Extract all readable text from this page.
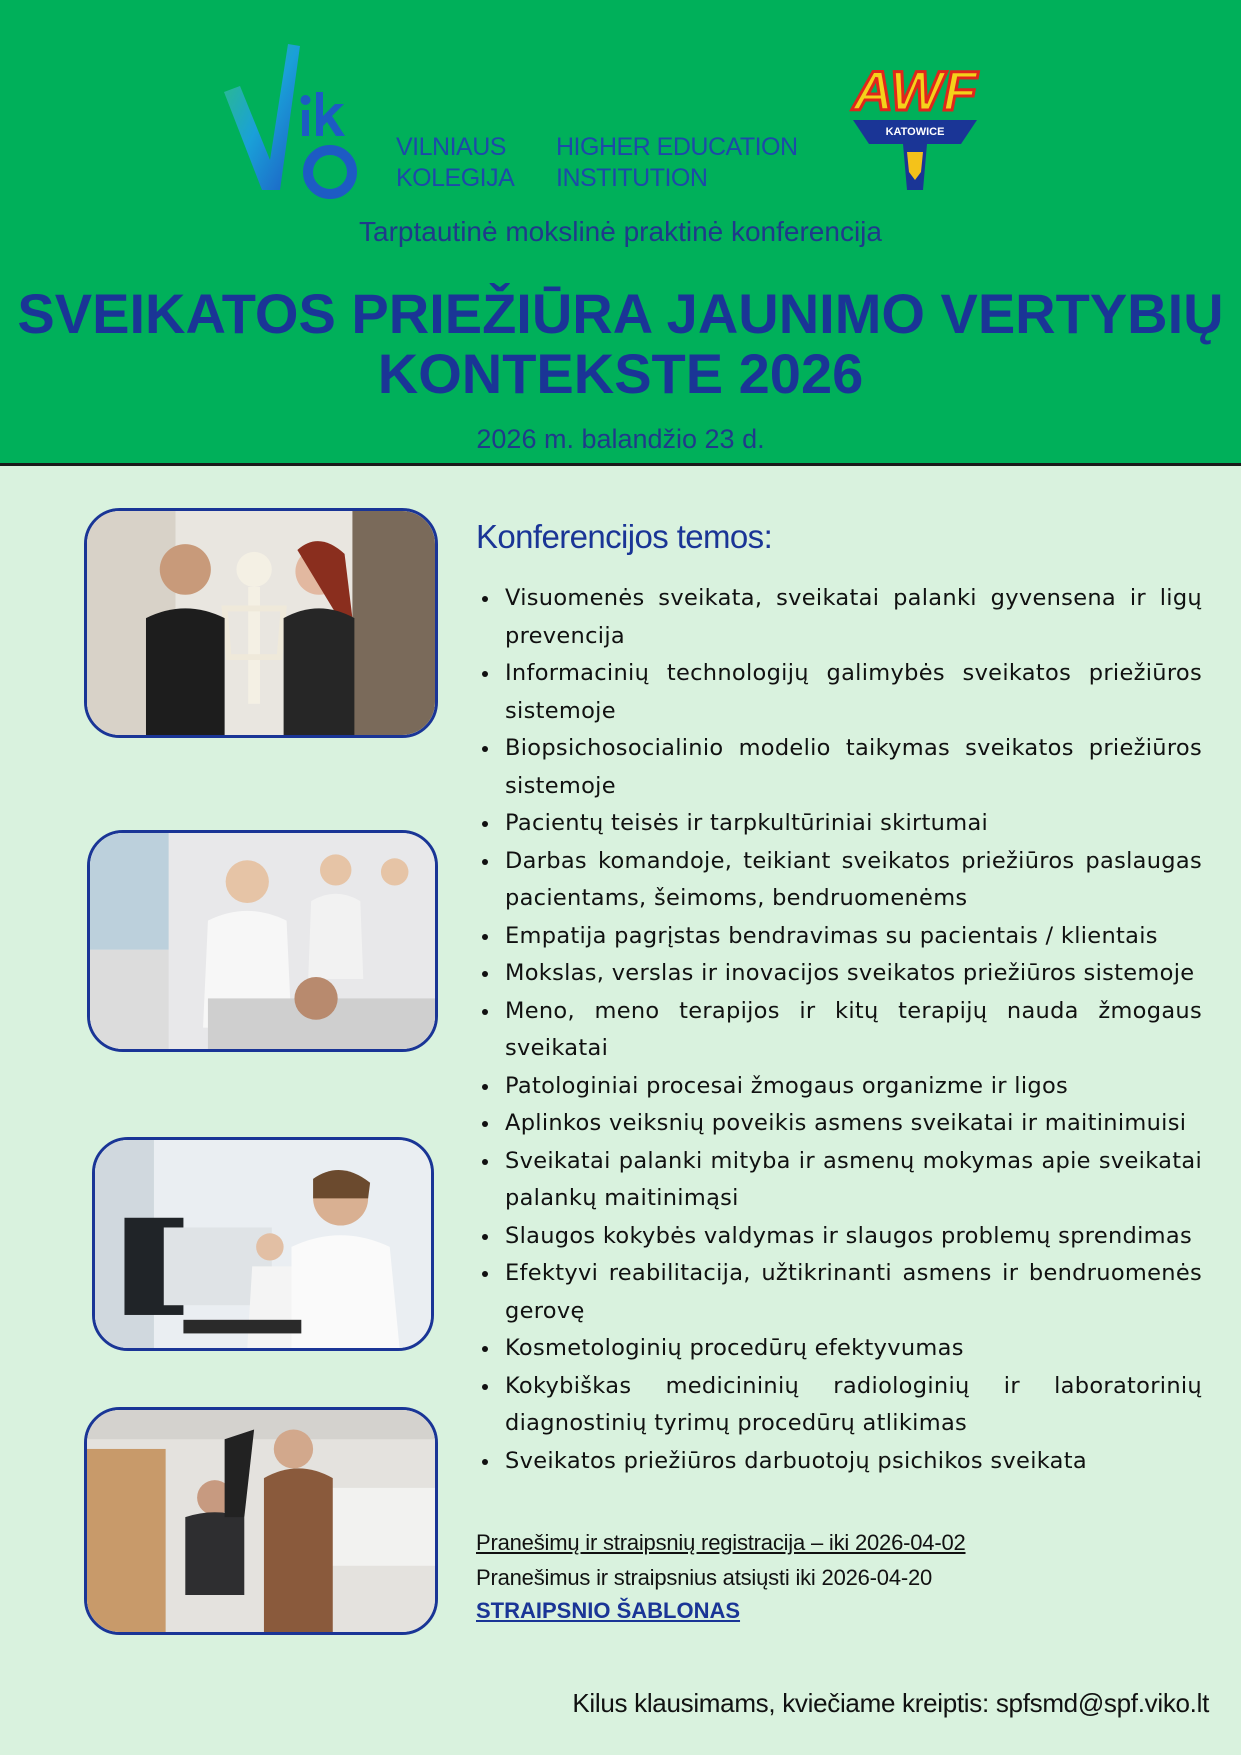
VILNIAUS
KOLEGIJA
HIGHER EDUCATION
INSTITUTION
KATOWICE
AWF
Tarptautinė mokslinė praktinė konferencija
SVEIKATOS PRIEŽIŪRA JAUNIMO VERTYBIŲ
KONTEKSTE 2026
2026 m. balandžio 23 d.
Konferencijos temos:
Visuomenės sveikata, sveikatai palanki gyvensena ir ligų prevencija
Informacinių technologijų galimybės sveikatos priežiūros sistemoje
Biopsichosocialinio modelio taikymas sveikatos priežiūros sistemoje
Pacientų teisės ir tarpkultūriniai skirtumai
Darbas komandoje, teikiant sveikatos priežiūros paslaugas pacientams, šeimoms, bendruomenėms
Empatija pagrįstas bendravimas su pacientais / klientais
Mokslas, verslas ir inovacijos sveikatos priežiūros sistemoje
Meno, meno terapijos ir kitų terapijų nauda žmogaus sveikatai
Patologiniai procesai žmogaus organizme ir ligos
Aplinkos veiksnių poveikis asmens sveikatai ir maitinimuisi
Sveikatai palanki mityba ir asmenų mokymas apie sveikatai palankų maitinimąsi
Slaugos kokybės valdymas ir slaugos problemų sprendimas
Efektyvi reabilitacija, užtikrinanti asmens ir bendruomenės gerovę
Kosmetologinių procedūrų efektyvumas
Kokybiškas medicininių radiologinių ir laboratorinių diagnostinių tyrimų procedūrų atlikimas
Sveikatos priežiūros darbuotojų psichikos sveikata
Pranešimų ir straipsnių registracija – iki 2026-04-02
Pranešimus ir straipsnius atsiųsti iki 2026-04-20
STRAIPSNIO ŠABLONAS
Kilus klausimams, kviečiame kreiptis: spfsmd@spf.viko.lt
